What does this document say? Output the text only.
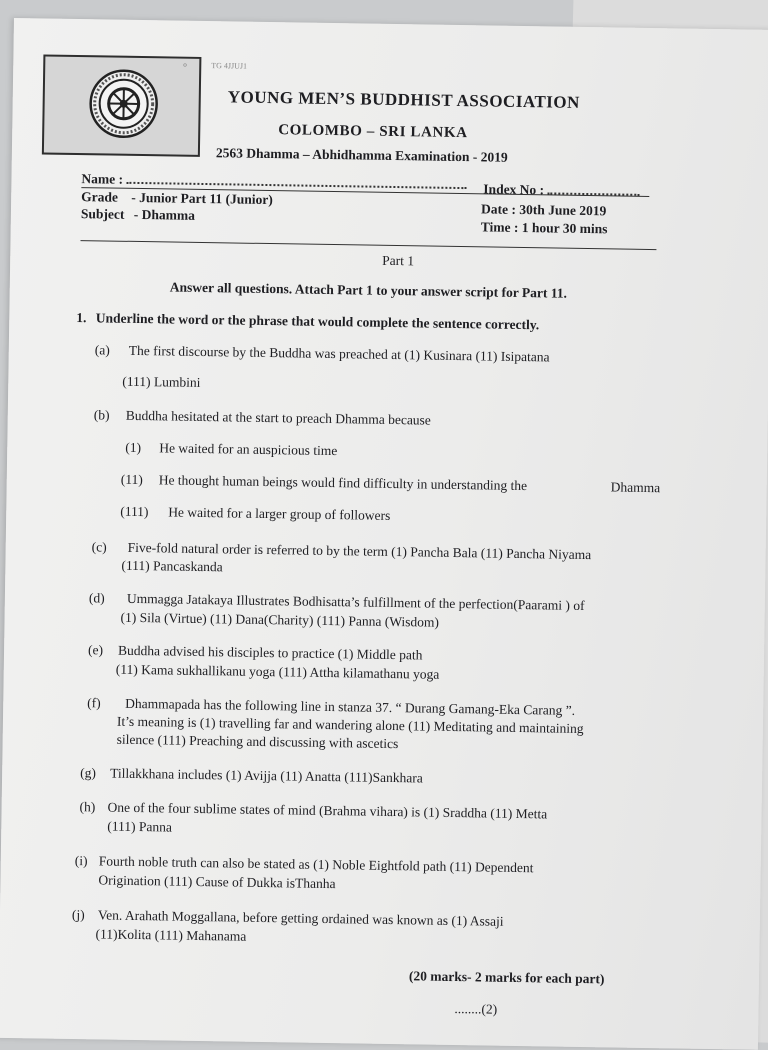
o	TG 4JJUJ1
YOUNG MEN’S BUDDHIST ASSOCIATION
COLOMBO – SRI LANKA
2563 Dhamma – Abhidhamma Examination - 2019
Name :
Index No :
Grade - Junior Part 11 (Junior)
Date : 30th June 2019
Subject - Dhamma
Time : 1 hour 30 mins
Part 1
Answer all questions. Attach Part 1 to your answer script for Part 11.
1. Underline the word or the phrase that would complete the sentence correctly.
(a) The first discourse by the Buddha was preached at (1) Kusinara (11) Isipatana
(111) Lumbini
(b) Buddha hesitated at the start to preach Dhamma because
(1) He waited for an auspicious time
(11) He thought human beings would find difficulty in understanding the	Dhamma
(111) He waited for a larger group of followers
(c) Five-fold natural order is referred to by the term (1) Pancha Bala (11) Pancha Niyama
(111) Pancaskanda
(d) Ummagga Jatakaya Illustrates Bodhisatta’s fulfillment of the perfection(Paarami ) of
(1) Sila (Virtue) (11) Dana(Charity) (111) Panna (Wisdom)
(e) Buddha advised his disciples to practice (1) Middle path
(11) Kama sukhallikanu yoga (111) Attha kilamathanu yoga
(f) Dhammapada has the following line in stanza 37. “ Durang Gamang-Eka Carang ”.
It’s meaning is (1) travelling far and wandering alone (11) Meditating and maintaining
silence (111) Preaching and discussing with ascetics
(g) Tillakkhana includes (1) Avijja (11) Anatta (111)Sankhara
(h) One of the four sublime states of mind (Brahma vihara) is (1) Sraddha (11) Metta
(111) Panna
(i) Fourth noble truth can also be stated as (1) Noble Eightfold path (11) Dependent
Origination (111) Cause of Dukka isThanha
(j) Ven. Arahath Moggallana, before getting ordained was known as (1) Assaji
(11)Kolita (111) Mahanama
(20 marks- 2 marks for each part)
........(2)
